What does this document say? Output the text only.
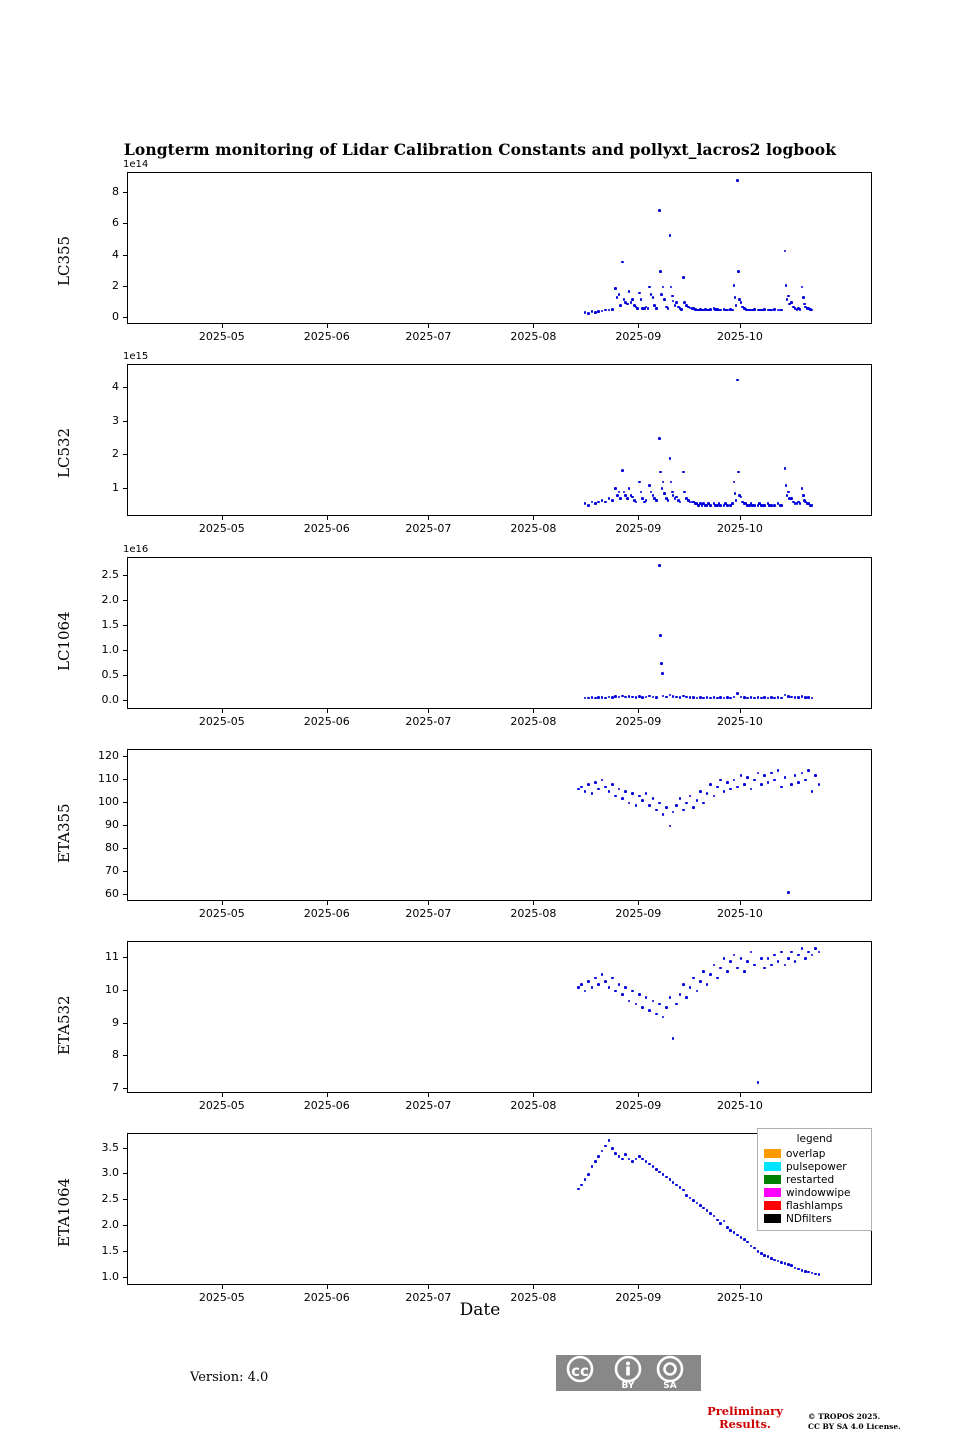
Longterm monitoring of Lidar Calibration Constants and pollyxt_lacros2 logbook
0
2
4
6
8
2025-05	2025-06	2025-07	2025-08	2025-09	2025-10
LC355
1e14
1
2
3
4
2025-05	2025-06	2025-07	2025-08	2025-09	2025-10
LC532
1e15
0.0
0.5
1.0
1.5
2.0
2.5
2025-05	2025-06	2025-07	2025-08	2025-09	2025-10
LC1064
1e16
60
70
80
90
100
110
120
2025-05	2025-06	2025-07	2025-08	2025-09	2025-10
ETA355
7
8
9
10
11
2025-05	2025-06	2025-07	2025-08	2025-09	2025-10
ETA532
1.0
1.5
2.0
2.5
3.0
3.5
2025-05	2025-06	2025-07	2025-08	2025-09	2025-10
ETA1064
Date
legend
overlap
pulsepower
restarted
windowwipe
flashlamps
NDfilters
Version: 4.0	cc
BY	SA
Preliminary
Results.
© TROPOS 2025.
CC BY SA 4.0 License.
